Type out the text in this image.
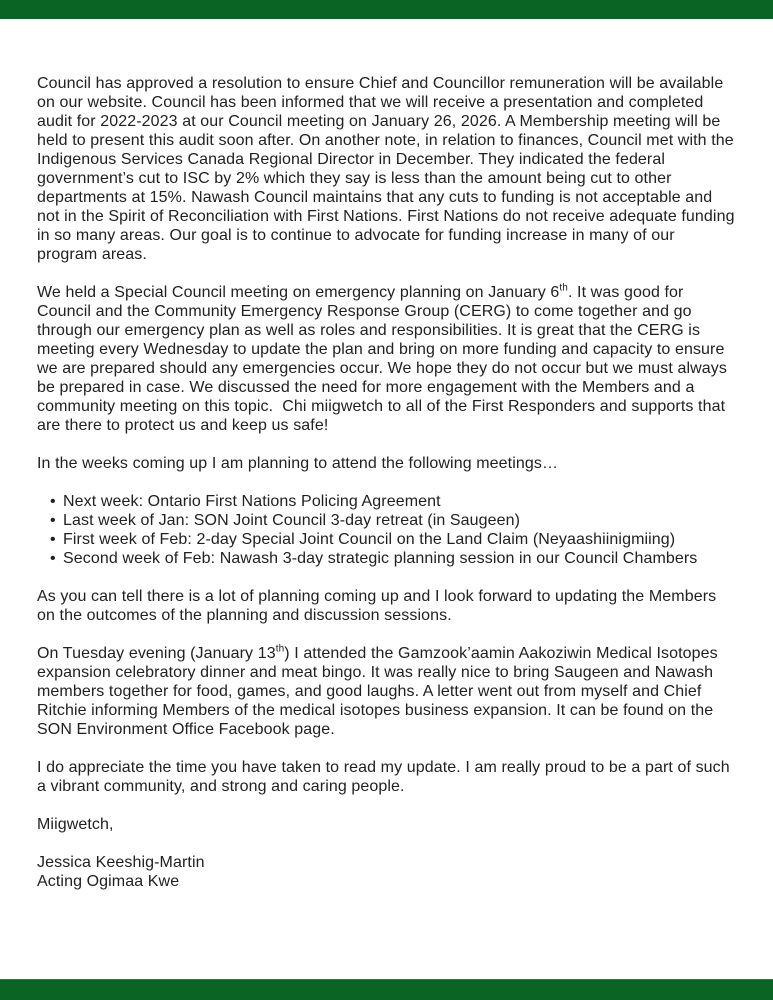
Council has approved a resolution to ensure Chief and Councillor remuneration will be available on our website. Council has been informed that we will receive a presentation and completed audit for 2022-2023 at our Council meeting on January 26, 2026. A Membership meeting will be held to present this audit soon after. On another note, in relation to finances, Council met with the Indigenous Services Canada Regional Director in December. They indicated the federal government’s cut to ISC by 2% which they say is less than the amount being cut to other departments at 15%. Nawash Council maintains that any cuts to funding is not acceptable and not in the Spirit of Reconciliation with First Nations. First Nations do not receive adequate funding in so many areas. Our goal is to continue to advocate for funding increase in many of our program areas.

We held a Special Council meeting on emergency planning on January 6th. It was good for Council and the Community Emergency Response Group (CERG) to come together and go through our emergency plan as well as roles and responsibilities. It is great that the CERG is meeting every Wednesday to update the plan and bring on more funding and capacity to ensure we are prepared should any emergencies occur. We hope they do not occur but we must always be prepared in case. We discussed the need for more engagement with the Members and a community meeting on this topic.  Chi miigwetch to all of the First Responders and supports that are there to protect us and keep us safe!

In the weeks coming up I am planning to attend the following meetings…

• Next week: Ontario First Nations Policing Agreement
• Last week of Jan: SON Joint Council 3-day retreat (in Saugeen)
• First week of Feb: 2-day Special Joint Council on the Land Claim (Neyaashiinigmiing)
• Second week of Feb: Nawash 3-day strategic planning session in our Council Chambers

As you can tell there is a lot of planning coming up and I look forward to updating the Members on the outcomes of the planning and discussion sessions.

On Tuesday evening (January 13th) I attended the Gamzook’aamin Aakoziwin Medical Isotopes expansion celebratory dinner and meat bingo. It was really nice to bring Saugeen and Nawash members together for food, games, and good laughs. A letter went out from myself and Chief Ritchie informing Members of the medical isotopes business expansion. It can be found on the SON Environment Office Facebook page.

I do appreciate the time you have taken to read my update. I am really proud to be a part of such a vibrant community, and strong and caring people.

Miigwetch,

Jessica Keeshig-Martin
Acting Ogimaa Kwe
